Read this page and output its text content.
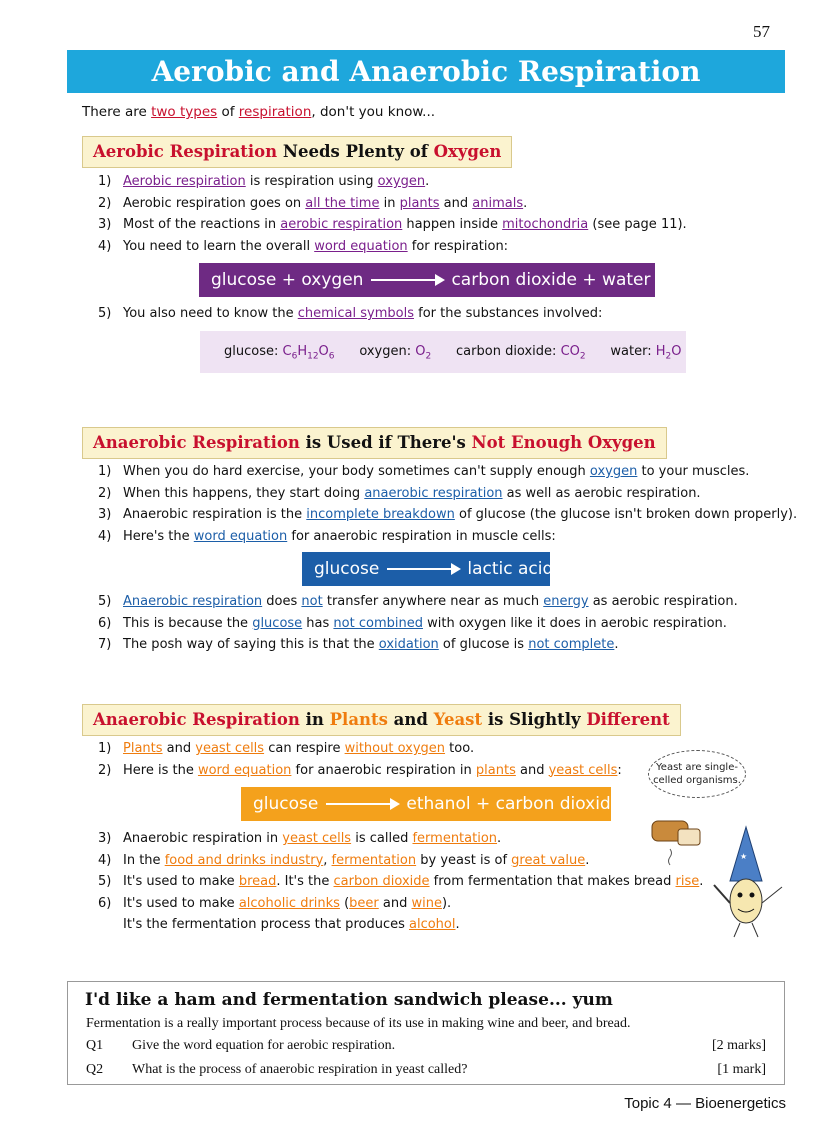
57
Aerobic and Anaerobic Respiration
There are two types of respiration, don't you know...
Aerobic Respiration Needs Plenty of Oxygen
1) Aerobic respiration is respiration using oxygen.
2) Aerobic respiration goes on all the time in plants and animals.
3) Most of the reactions in aerobic respiration happen inside mitochondria (see page 11).
4) You need to learn the overall word equation for respiration:
glucose + oxygen	carbon dioxide + water
5) You also need to know the chemical symbols for the substances involved:
glucose: $C_6H_{12}O_6$ oxygen: $O_2$ carbon dioxide: $CO_2$ water: $H_2O$
Anaerobic Respiration is Used if There's Not Enough Oxygen
1) When you do hard exercise, your body sometimes can't supply enough oxygen to your muscles.
2) When this happens, they start doing anaerobic respiration as well as aerobic respiration.
3) Anaerobic respiration is the incomplete breakdown of glucose (the glucose isn't broken down properly).
4) Here's the word equation for anaerobic respiration in muscle cells:
glucose	lactic acid
5) Anaerobic respiration does not transfer anywhere near as much energy as aerobic respiration.
6) This is because the glucose has not combined with oxygen like it does in aerobic respiration.
7) The posh way of saying this is that the oxidation of glucose is not complete.
Anaerobic Respiration in Plants and Yeast is Slightly Different
1) Plants and yeast cells can respire without oxygen too.
2) Here is the word equation for anaerobic respiration in plants and yeast cells:
glucose	ethanol + carbon dioxide
3) Anaerobic respiration in yeast cells is called fermentation.
4) In the food and drinks industry, fermentation by yeast is of great value.
5) It's used to make bread. It's the carbon dioxide from fermentation that makes bread rise.
6) It's used to make alcoholic drinks (beer and wine).
It's the fermentation process that produces alcohol.
Yeast are single-
celled organisms.
★
I'd like a ham and fermentation sandwich please... yum
Fermentation is a really important process because of its use in making wine and beer, and bread.
Q1 Give the word equation for aerobic respiration.	[2 marks]
Q2 What is the process of anaerobic respiration in yeast called?	[1 mark]
Topic 4 — Bioenergetics
